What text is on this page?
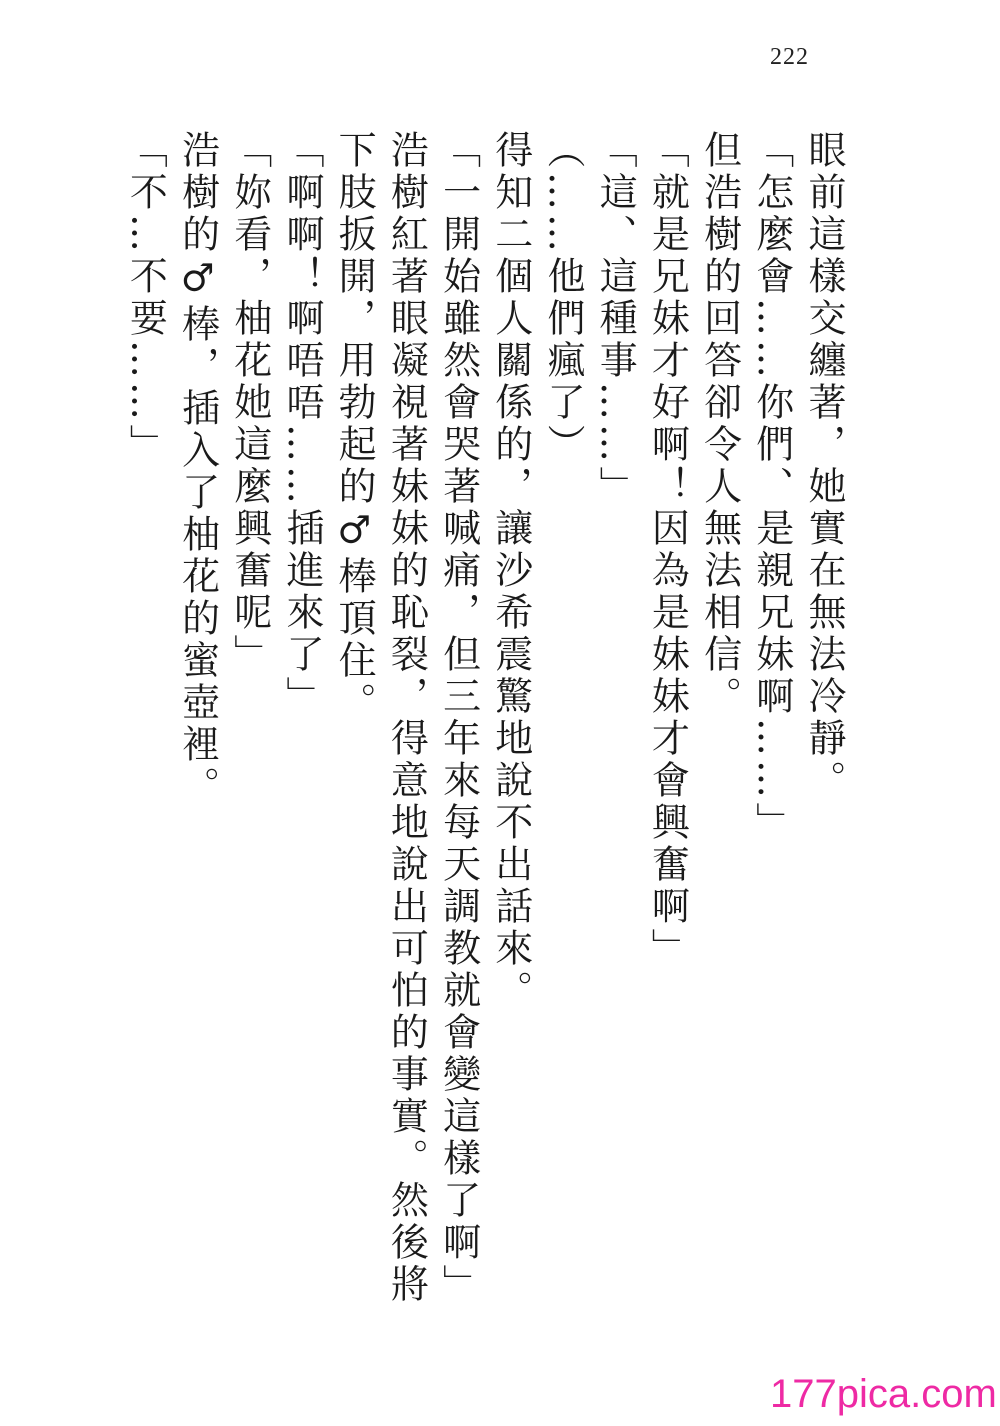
222

眼前這樣交纏著，她實在無法冷靜。

「怎麼會……你們、是親兄妹啊……」

但浩樹的回答卻令人無法相信。

「就是兄妹才好啊！因為是妹妹才會興奮啊」

「這、這種事……」

（……他們瘋了）

得知二個人關係的，讓沙希震驚地說不出話來。

「一開始雖然會哭著喊痛，但三年來每天調教就會變這樣了啊」

浩樹紅著眼凝視著妹妹的恥裂，得意地說出可怕的事實。然後將

下肢扳開，用勃起的♂棒頂住。

「啊啊！啊唔唔……插進來了」

「妳看，柚花她這麼興奮呢」

浩樹的♂棒，插入了柚花的蜜壺裡。

「不…不要……」

177pica.com
